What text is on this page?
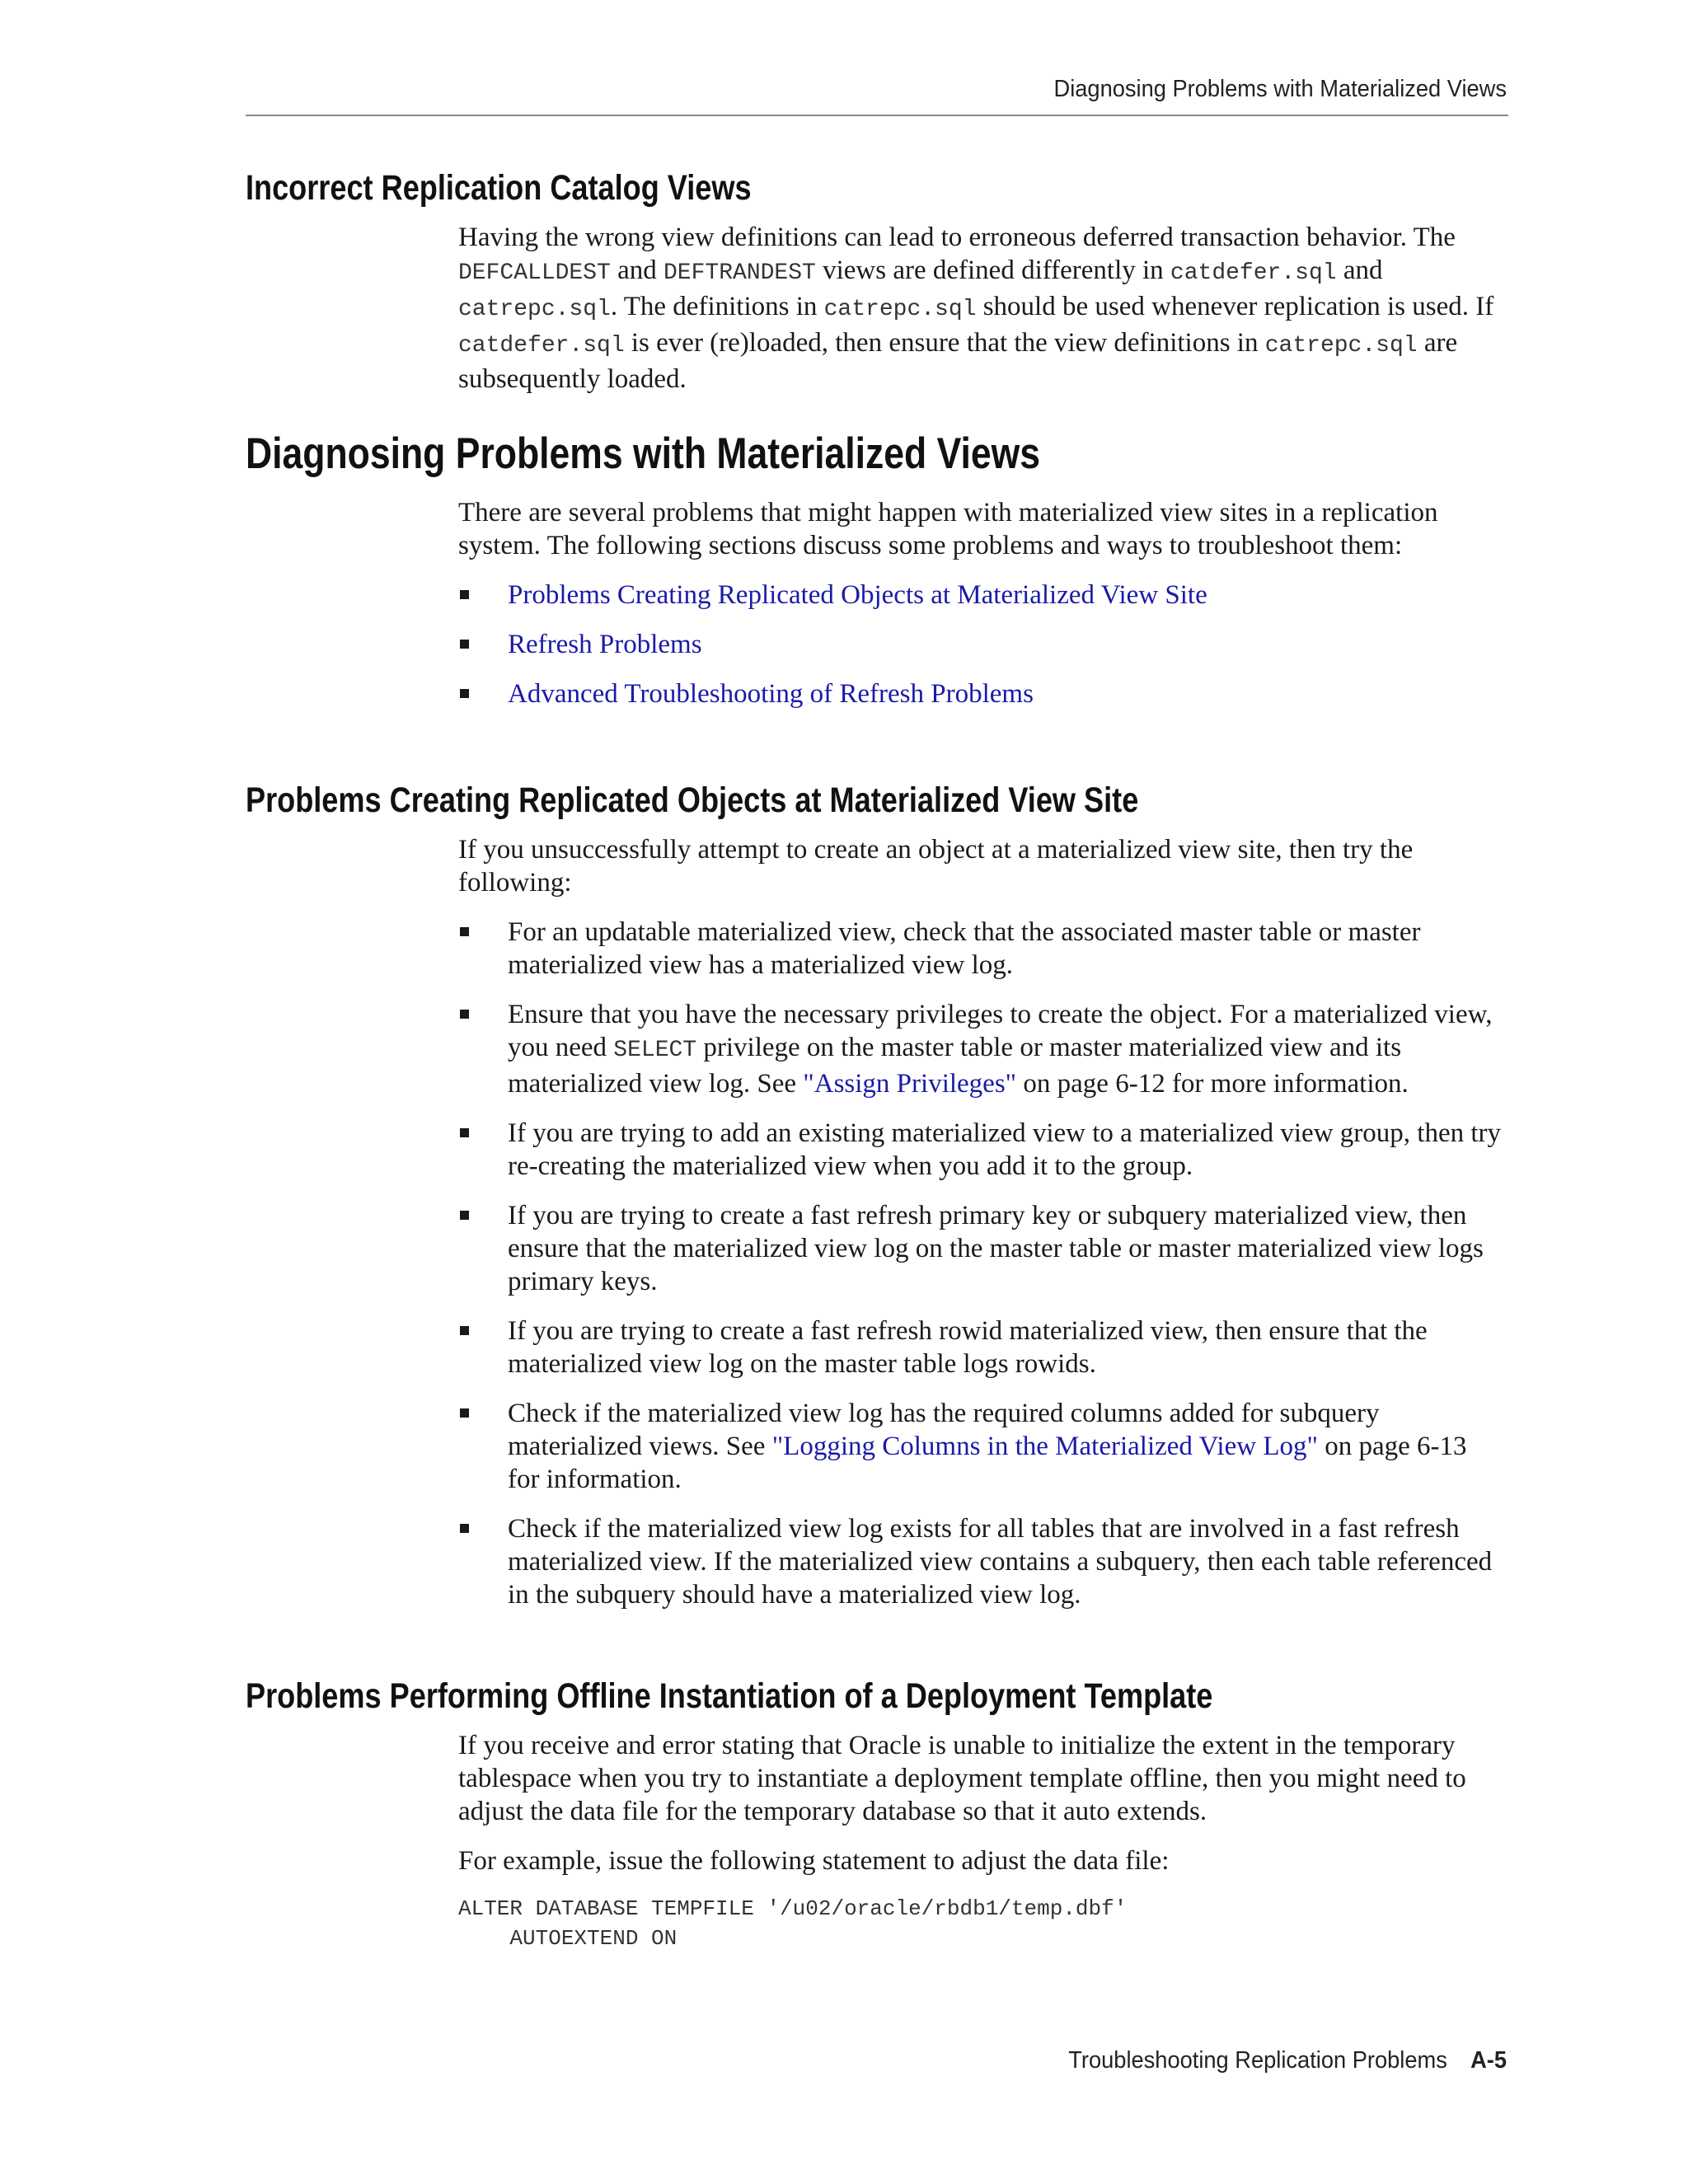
Diagnosing Problems with Materialized Views
Incorrect Replication Catalog Views

Having the wrong view definitions can lead to erroneous deferred transaction behavior. The DEFCALLDEST and DEFTRANDEST views are defined differently in catdefer.sql and catrepc.sql. The definitions in catrepc.sql should be used whenever replication is used. If catdefer.sql is ever (re)loaded, then ensure that the view definitions in catrepc.sql are subsequently loaded.

Diagnosing Problems with Materialized Views

There are several problems that might happen with materialized view sites in a replication system. The following sections discuss some problems and ways to troubleshoot them:

Problems Creating Replicated Objects at Materialized View Site
Refresh Problems
Advanced Troubleshooting of Refresh Problems
Problems Creating Replicated Objects at Materialized View Site

If you unsuccessfully attempt to create an object at a materialized view site, then try the following:

For an updatable materialized view, check that the associated master table or master materialized view has a materialized view log.
Ensure that you have the necessary privileges to create the object. For a materialized view, you need SELECT privilege on the master table or master materialized view and its materialized view log. See "Assign Privileges" on page 6-12 for more information.
If you are trying to add an existing materialized view to a materialized view group, then try re-creating the materialized view when you add it to the group.
If you are trying to create a fast refresh primary key or subquery materialized view, then ensure that the materialized view log on the master table or master materialized view logs primary keys.
If you are trying to create a fast refresh rowid materialized view, then ensure that the materialized view log on the master table logs rowids.
Check if the materialized view log has the required columns added for subquery materialized views. See "Logging Columns in the Materialized View Log" on page 6-13 for information.
Check if the materialized view log exists for all tables that are involved in a fast refresh materialized view. If the materialized view contains a subquery, then each table referenced in the subquery should have a materialized view log.
Problems Performing Offline Instantiation of a Deployment Template

If you receive and error stating that Oracle is unable to initialize the extent in the temporary tablespace when you try to instantiate a deployment template offline, then you might need to adjust the data file for the temporary database so that it auto extends.

For example, issue the following statement to adjust the data file:

ALTER DATABASE TEMPFILE '/u02/oracle/rbdb1/temp.dbf'
AUTOEXTEND ON
Troubleshooting Replication Problems A-5
